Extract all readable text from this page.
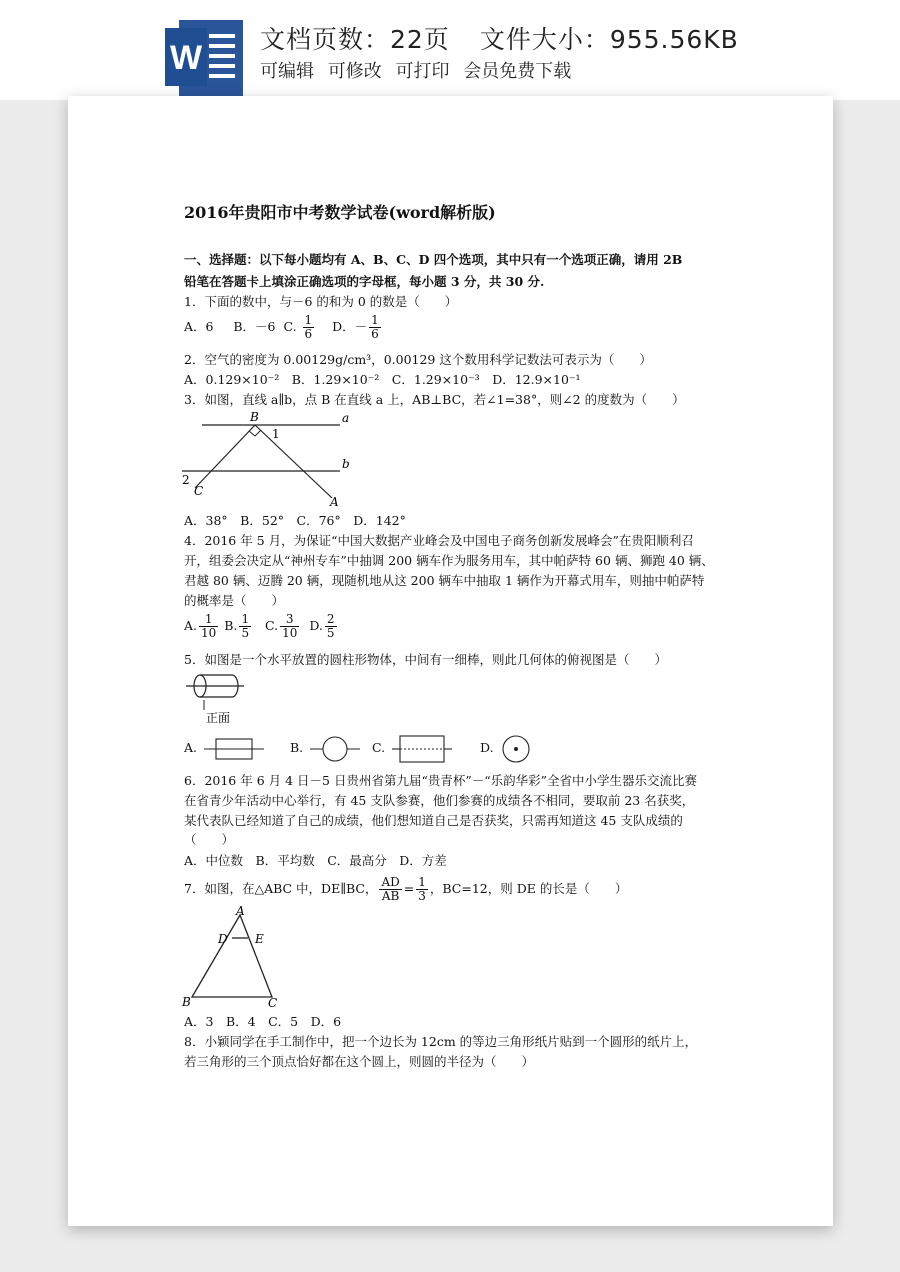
W 文档页数：22页 文件大小：955.56KB
可编辑 可修改 可打印 会员免费下载
2016年贵阳市中考数学试卷(word解析版)
一、选择题：以下每小题均有 A、B、C、D 四个选项，其中只有一个选项正确，请用 2B
铅笔在答题卡上填涂正确选项的字母框，每小题 3 分，共 30 分.
1．下面的数中，与－6 的和为 0 的数是（　　）
A．6 B．－6 C. $\frac{1}{6}$ D．－ $\frac{1}{6}$
2．空气的密度为 0.00129g/cm³，0.00129 这个数用科学记数法可表示为（　　）
A．0.129×10⁻²　B．1.29×10⁻²　C．1.29×10⁻³　D．12.9×10⁻¹
3．如图，直线 a∥b，点 B 在直线 a 上，AB⊥BC，若∠1=38°，则∠2 的度数为（　　）
B	a
1
b
2
C
A
A．38°　B．52°　C．76°　D．142°
4．2016 年 5 月，为保证“中国大数据产业峰会及中国电子商务创新发展峰会”在贵阳顺利召
开，组委会决定从“神州专车”中抽调 200 辆车作为服务用车，其中帕萨特 60 辆、狮跑 40 辆、
君越 80 辆、迈腾 20 辆，现随机地从这 200 辆车中抽取 1 辆作为开幕式用车，则抽中帕萨特
的概率是（　　）
A. $\frac{1}{10} B$. $\frac{1}{5} C$. $\frac{3}{10} D$. $\frac{2}{5}$
5．如图是一个水平放置的圆柱形物体，中间有一细棒，则此几何体的俯视图是（　　）
正面
A.	B.	C.	D.
6．2016 年 6 月 4 日－5 日贵州省第九届“贵青杯”－“乐韵华彩”全省中小学生器乐交流比赛
在省青少年活动中心举行，有 45 支队参赛，他们参赛的成绩各不相同，要取前 23 名获奖，
某代表队已经知道了自己的成绩，他们想知道自己是否获奖，只需再知道这 45 支队成绩的
（　　）
A．中位数　B．平均数　C．最高分　D．方差
7．如图，在△ABC 中，DE∥BC， $\frac{AD}{AB} = \frac{1}{3}$ ，BC=12，则 DE 的长是（　　）
A
D E
B	C
A．3　B．4　C．5　D．6
8．小颖同学在手工制作中，把一个边长为 12cm 的等边三角形纸片贴到一个圆形的纸片上，
若三角形的三个顶点恰好都在这个圆上，则圆的半径为（　　）
